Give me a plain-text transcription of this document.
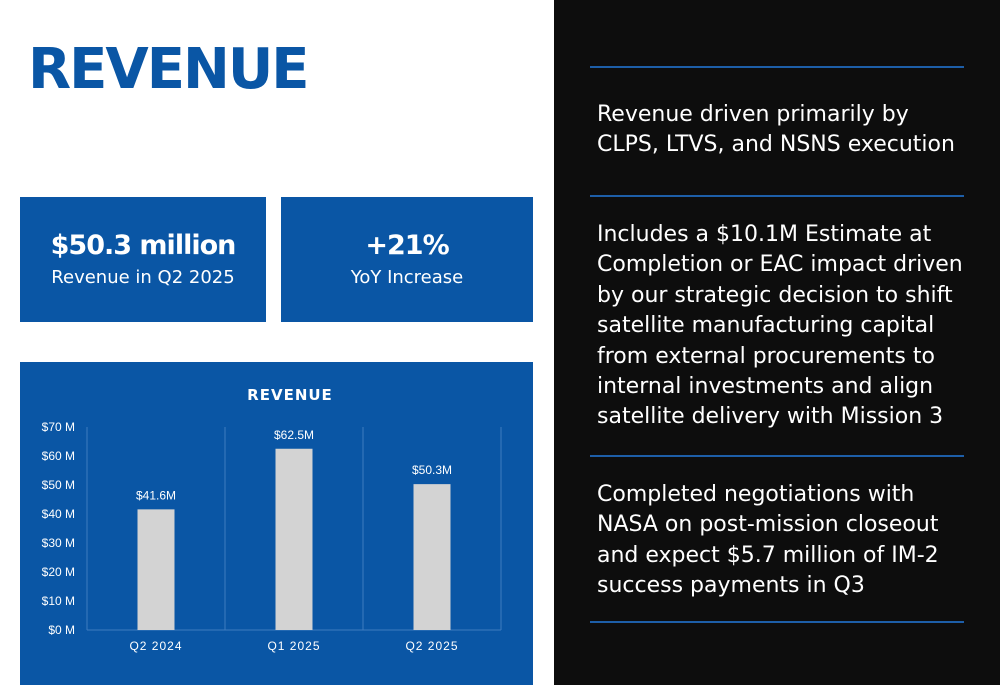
REVENUE
$50.3 million
Revenue in Q2 2025
+21%
YoY Increase
REVENUE
$0 M
$10 M
$20 M
$30 M
$40 M
$50 M
$60 M
$70 M
$41.6M
Q2 2024
$62.5M
Q1 2025
$50.3M
Q2 2025
Revenue driven primarily by CLPS, LTVS, and NSNS execution
Includes a $10.1M Estimate at Completion or EAC impact driven by our strategic decision to shift satellite manufacturing capital from external procurements to internal investments and align satellite delivery with Mission 3
Completed negotiations with NASA on post-mission closeout and expect $5.7 million of IM-2 success payments in Q3
